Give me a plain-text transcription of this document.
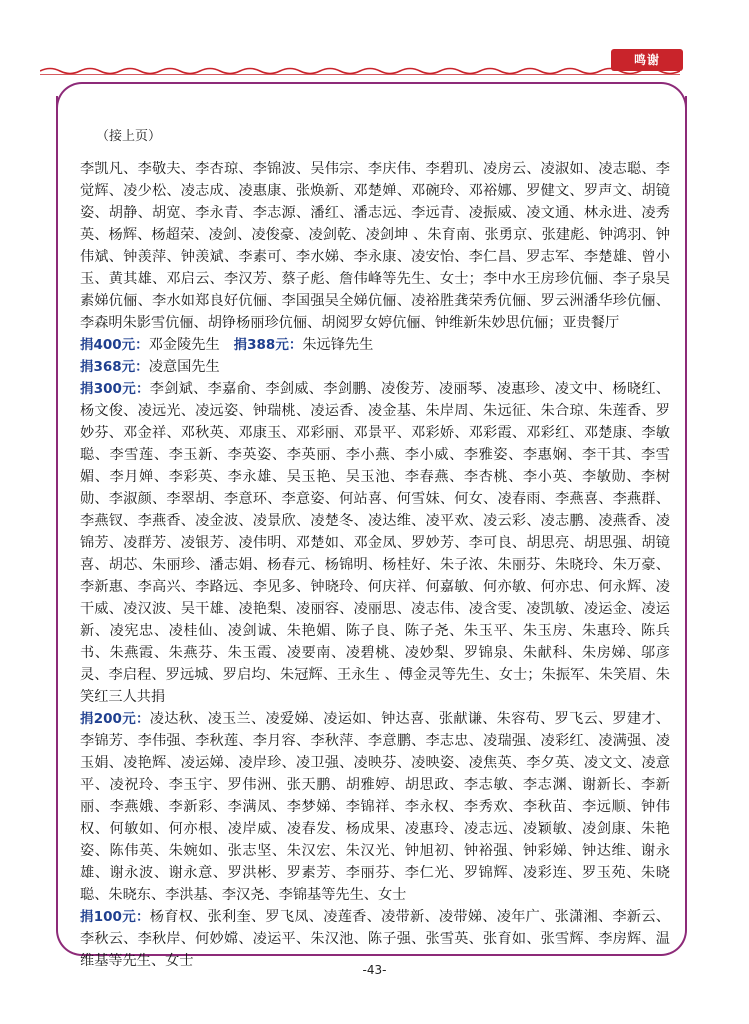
鸣谢

（接上页）

李凯凡、李敬夫、李杏琼、李锦波、吴伟宗、李庆伟、李碧玑、凌房云、凌淑如、凌志聪、李觉辉、凌少松、凌志成、凌惠康、张焕新、邓楚婵、邓碗玲、邓裕娜、罗健文、罗声文、胡镜姿、胡静、胡宽、李永青、李志源、潘红、潘志远、李远青、凌振威、凌文通、林永进、凌秀英、杨辉、杨超荣、凌剑、凌俊豪、凌剑乾、凌剑坤 、朱育南、张勇京、张建彪、钟鸿羽、钟伟斌、钟羡萍、钟羡斌、李素可、李水娣、李永康、凌安怡、李仁昌、罗志军、李楚雄、曾小玉、黄其雄、邓启云、李汉芳、蔡子彪、詹伟峰等先生、女士；李中水王房珍伉俪、李子泉吴素娣伉俪、李水如郑良好伉俪、李国强吴全娣伉俪、凌裕胜龚荣秀伉俪、罗云洲潘华珍伉俪、李森明朱影雪伉俪、胡铮杨丽珍伉俪、胡阅罗女婷伉俪、钟维新朱妙思伉俪；亚贵餐厅

捐400元：邓金陵先生 捐388元：朱远锋先生

捐368元：凌意国先生

捐300元：李剑斌、李嘉俞、李剑威、李剑鹏、凌俊芳、凌丽琴、凌惠珍、凌文中、杨晓红、杨文俊、凌远光、凌远姿、钟瑞桃、凌运香、凌金基、朱岸周、朱远征、朱合琼、朱莲香、罗妙芬、邓金祥、邓秋英、邓康玉、邓彩丽、邓景平、邓彩娇、邓彩霞、邓彩红、邓楚康、李敏聪、李雪莲、李玉新、李英姿、李英丽、李小燕、李小威、李雅姿、李惠娴、李干其、李雪媚、李月婵、李彩英、李永雄、吴玉艳、吴玉池、李春燕、李杏桃、李小英、李敏勋、李树勋、李淑颜、李翠胡、李意环、李意姿、何站喜、何雪妹、何女、凌春雨、李燕喜、李燕群、李燕钗、李燕香、凌金波、凌景欣、凌楚冬、凌达维、凌平欢、凌云彩、凌志鹏、凌燕香、凌锦芳、凌群芳、凌银芳、凌伟明、邓楚如、邓金凤、罗妙芳、李可良、胡思亮、胡思强、胡镜喜、胡芯、朱丽珍、潘志娟、杨春元、杨锦明、杨桂好、朱子浓、朱丽芬、朱晓玲、朱万豪、李新惠、李高兴、李路远、李见多、钟晓玲、何庆祥、何嘉敏、何亦敏、何亦忠、何永辉、凌干威、凌汉波、吴干雄、凌艳梨、凌丽容、凌丽思、凌志伟、凌含雯、凌凯敏、凌运金、凌运新、凌宪忠、凌桂仙、凌剑诚、朱艳媚、陈子良、陈子尧、朱玉平、朱玉房、朱惠玲、陈兵书、朱燕霞、朱燕芬、朱玉霞、凌要南、凌碧桃、凌妙梨、罗锦泉、朱献科、朱房娣、邬彦灵、李启程、罗远城、罗启均、朱冠辉、王永生 、傅金灵等先生、女士；朱振军、朱笑眉、朱笑红三人共捐

捐200元：凌达秋、凌玉兰、凌爱娣、凌运如、钟达喜、张献谦、朱容苟、罗飞云、罗建才、李锦芳、李伟强、李秋莲、李月容、李秋萍、李意鹏、李志忠、凌瑞强、凌彩红、凌满强、凌玉娟、凌艳辉、凌运娣、凌岸珍、凌卫强、凌映芬、凌映姿、凌焦英、李夕英、凌文文、凌意平、凌祝玲、李玉宇、罗伟洲、张天鹏、胡雅婷、胡思政、李志敏、李志渊、谢新长、李新丽、李燕娥、李新彩、李满凤、李梦娣、李锦祥、李永权、李秀欢、李秋苗、李远顺、钟伟权、何敏如、何亦根、凌岸威、凌春发、杨成果、凌惠玲、凌志远、凌颖敏、凌剑康、朱艳姿、陈伟英、朱婉如、张志坚、朱汉宏、朱汉光、钟旭初、钟裕强、钟彩娣、钟达维、谢永雄、谢永波、谢永意、罗洪彬、罗素芳、李丽芬、李仁光、罗锦辉、凌彩连、罗玉苑、朱晓聪、朱晓东、李洪基、李汉尧、李锦基等先生、女士

捐100元：杨育权、张利奎、罗飞凤、凌莲香、凌带新、凌带娣、凌年广、张潇湘、李新云、李秋云、李秋岸、何妙嫦、凌运平、朱汉池、陈子强、张雪英、张育如、张雪辉、李房辉、温维基等先生、女士

-43-
